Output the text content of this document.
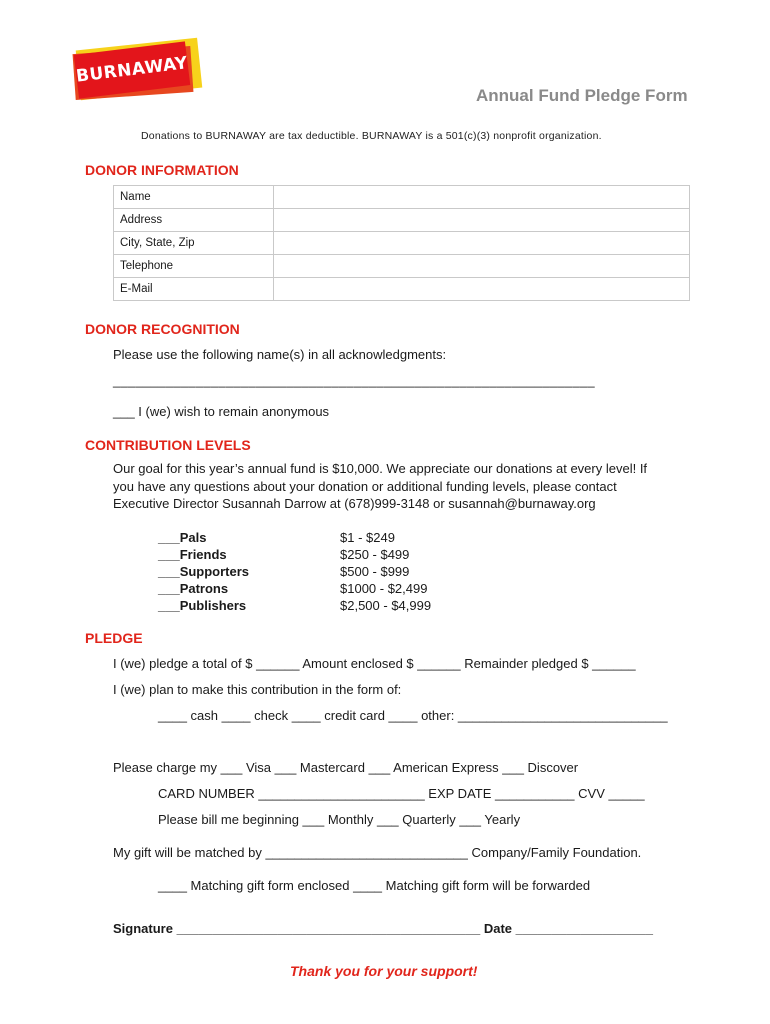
BURNAWAY
Annual Fund Pledge Form
Donations to BURNAWAY are tax deductible. BURNAWAY is a 501(c)(3) nonprofit organization.
DONOR INFORMATION
Name	
Address	
City, State, Zip	
Telephone	
E-Mail	
DONOR RECOGNITION
Please use the following name(s) in all acknowledgments:
________________________________________________________________
___ I (we) wish to remain anonymous
CONTRIBUTION LEVELS
Our goal for this year’s annual fund is $10,000. We appreciate our donations at every level! If
you have any questions about your donation or additional funding levels, please contact
Executive Director Susannah Darrow at (678)999-3148 or susannah@burnaway.org
___Pals	$1 - $249
___Friends	$250 - $499
___Supporters	$500 - $999
___Patrons	$1000 - $2,499
___Publishers	$2,500 - $4,999
PLEDGE
I (we) pledge a total of $ ______ Amount enclosed $ ______ Remainder pledged $ ______
I (we) plan to make this contribution in the form of:
____ cash ____ check ____ credit card ____ other: _____________________________
Please charge my ___ Visa ___ Mastercard ___ American Express ___ Discover
CARD NUMBER _______________________ EXP DATE ___________ CVV _____
Please bill me beginning ___ Monthly ___ Quarterly ___ Yearly
My gift will be matched by ____________________________ Company/Family Foundation.
____ Matching gift form enclosed ____ Matching gift form will be forwarded
Signature __________________________________________ Date ___________________
Thank you for your support!
